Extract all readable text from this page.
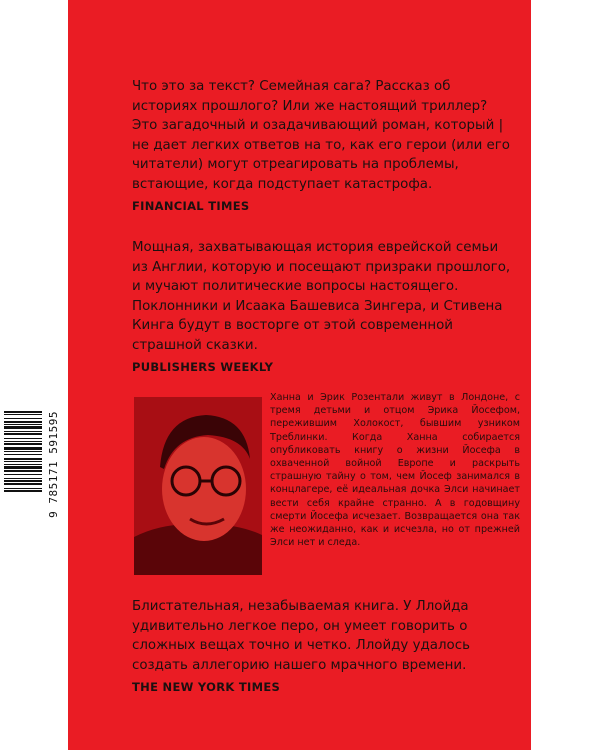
9 785171 591595

Что это за текст? Семейная сага? Рассказ об историях прошлого? Или же настоящий триллер? Это загадочный и озадачивающий роман, который |не дает легких ответов на то, как его герои (или его читатели) могут отреагировать на проблемы, встающие, когда подступает катастрофа.

FINANCIAL TIMES

Мощная, захватывающая история еврейской семьи из Англии, которую и посещают призраки прошлого, и мучают политические вопросы настоящего. Поклонники и Исаака Башевиса Зингера, и Стивена Кинга будут в восторге от этой современной страшной сказки.

PUBLISHERS WEEKLY
Ханна и Эрик Розентали живут в Лондоне, с тремя детьми и отцом Эрика Йосефом, пережившим Холокост, бывшим узником Треблинки. Когда Ханна собирается опубликовать книгу о жизни Йосефа в охваченной войной Европе и раскрыть страшную тайну о том, чем Йосеф занимался в концлагере, её идеальная дочка Элси начинает вести себя крайне странно. А в годовщину смерти Йосефа исчезает. Возвращается она так же неожиданно, как и исчезла, но от прежней Элси нет и следа.

Блистательная, незабываемая книга. У Ллойда удивительно легкое перо, он умеет говорить о сложных вещах точно и четко. Ллойду удалось создать аллегорию нашего мрачного времени.

THE NEW YORK TIMES
